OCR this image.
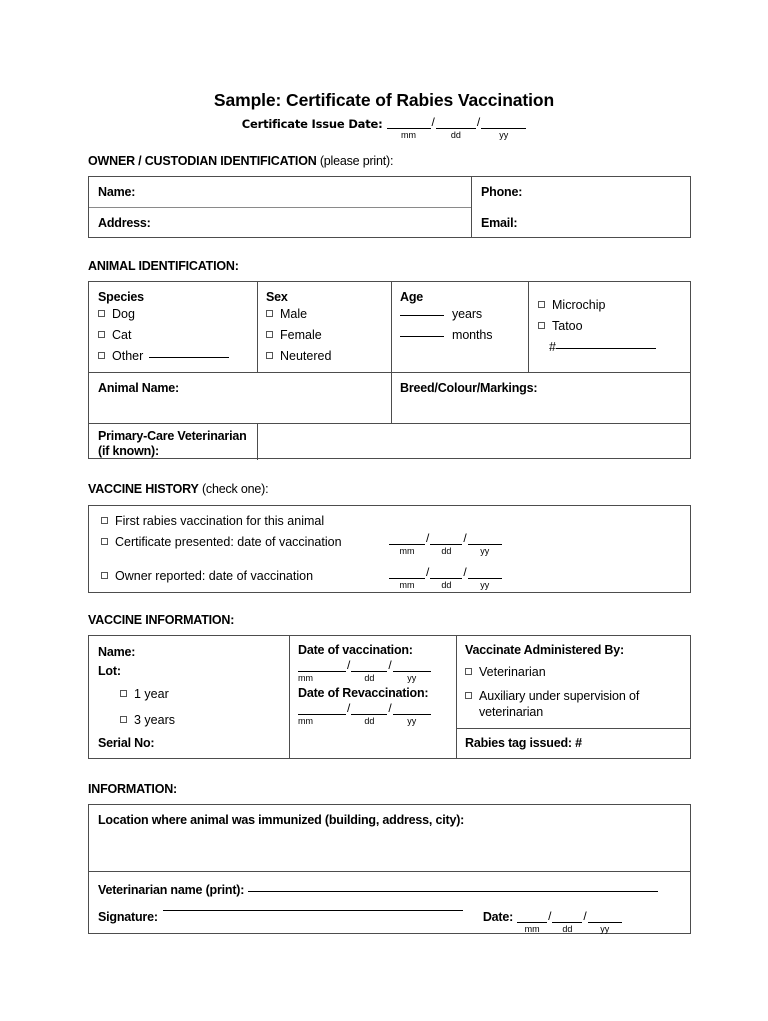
Sample: Certificate of Rabies Vaccination
Certificate Issue Date:
mm
/
dd
/
yy
OWNER / CUSTODIAN IDENTIFICATION (please print):
Name:
Address:
Phone:
Email:
ANIMAL IDENTIFICATION:
Species
Dog
Cat
Other
Sex
Male
Female
Neutered
Age
years
months
Microchip
Tatoo
#
Animal Name:	Breed/Colour/Markings:
Primary-Care Veterinarian (if known):
VACCINE HISTORY (check one):
First rabies vaccination for this animal
Certificate presented: date of vaccination
mm
/
dd
/
yy
Owner reported: date of vaccination
mm
/
dd
/
yy
VACCINE INFORMATION:
Name:
Lot:
1 year
3 years
Serial No:
Date of vaccination:
mm
/
dd
/
yy
Date of Revaccination:
mm
/
dd
/
yy
Vaccinate Administered By:
Veterinarian
Auxiliary under supervision of veterinarian
Rabies tag issued: #
INFORMATION:
Location where animal was immunized (building, address, city):
Veterinarian name (print):
Signature:	Date:
mm
/
dd
/
yy
